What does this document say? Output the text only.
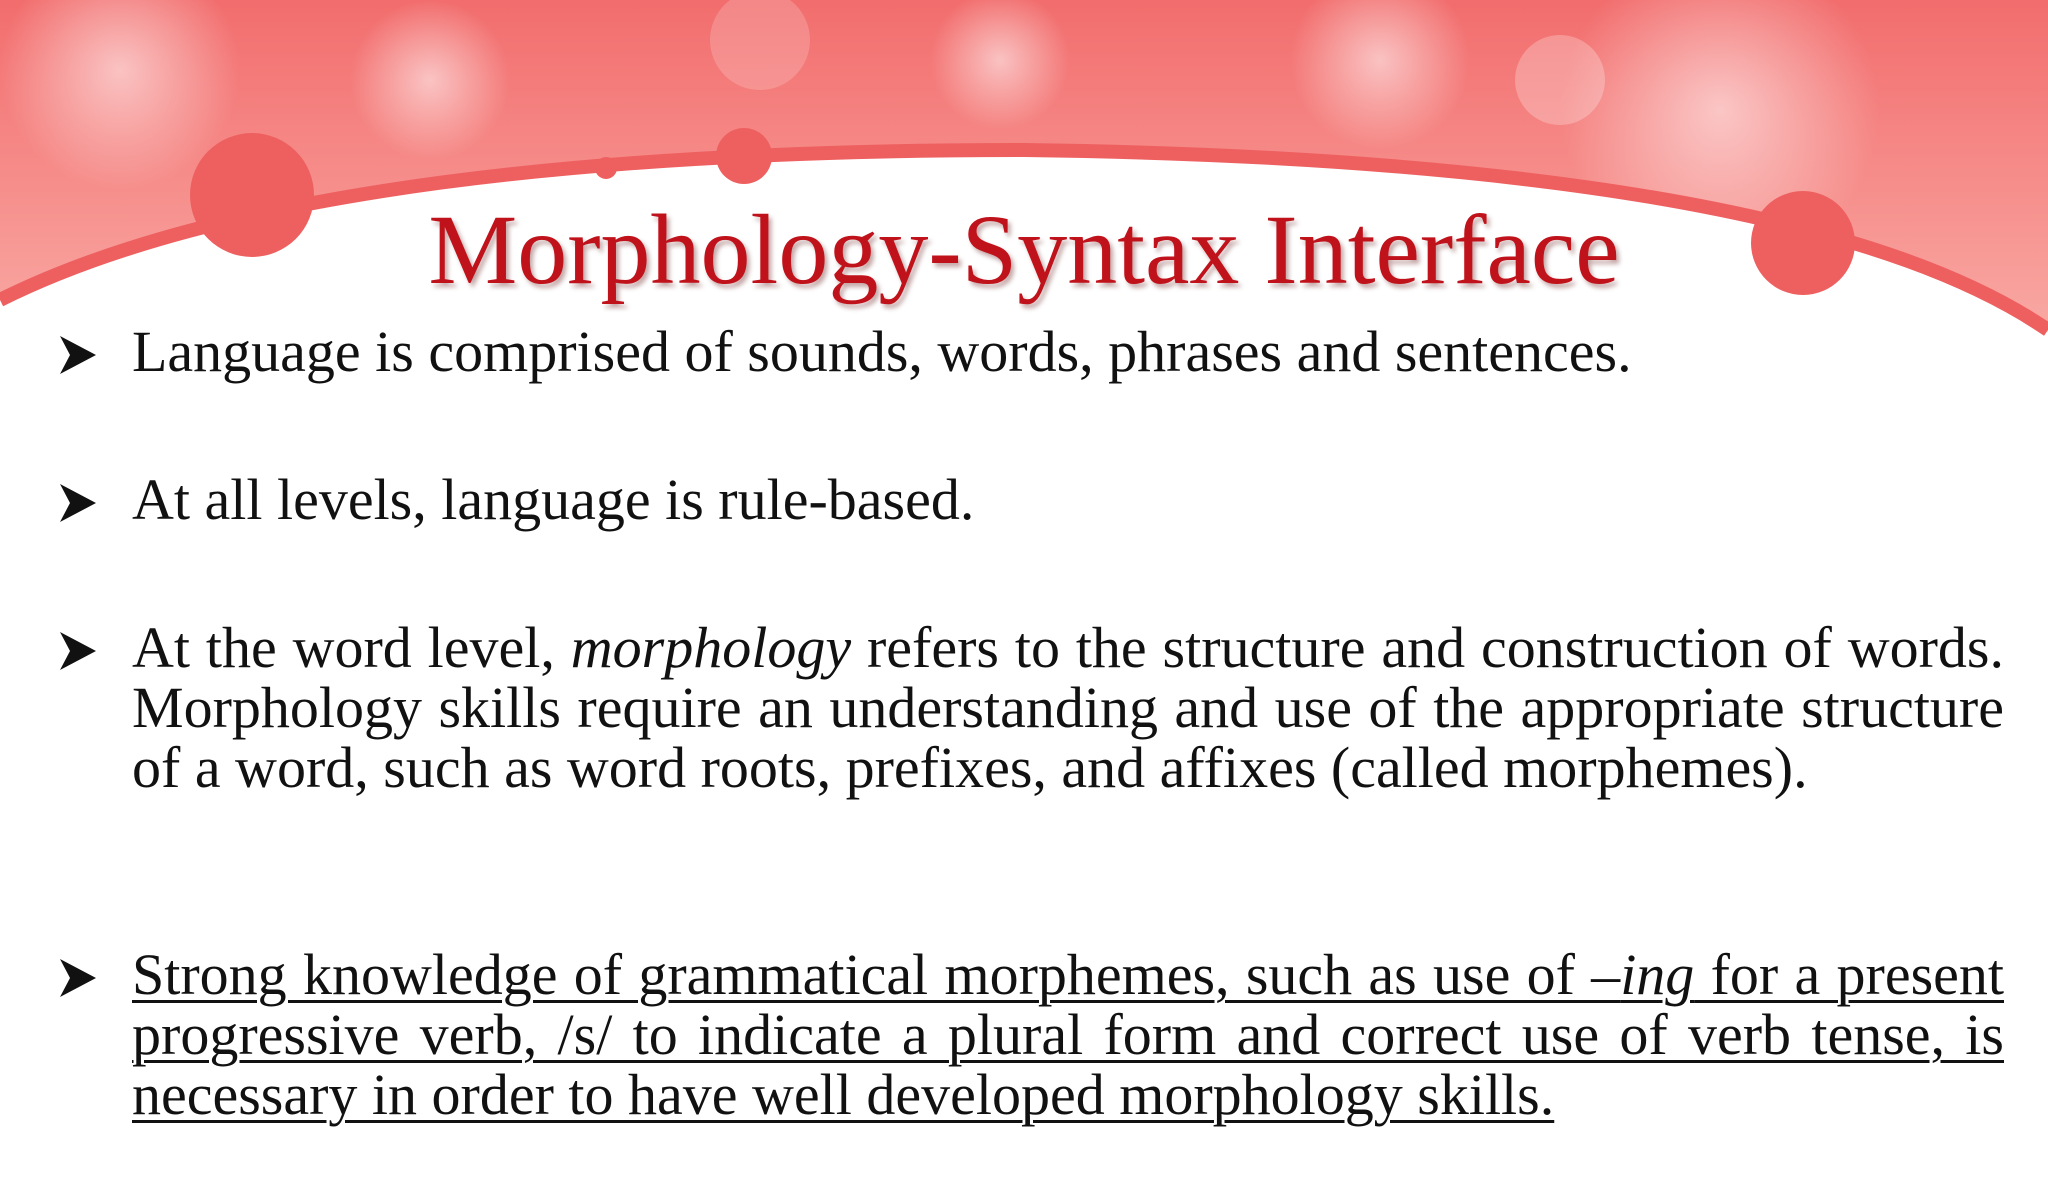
Morphology-Syntax Interface
Language is comprised of sounds, words, phrases and sentences.
At all levels, language is rule-based.
At the word level, morphology refers to the structure and construction of words. Morphology skills require an understanding and use of the appropriate structure of a word, such as word roots, prefixes, and affixes (called morphemes).
Strong knowledge of grammatical morphemes, such as use of –ing for a present progressive verb, /s/ to indicate a plural form and correct use of verb tense, is necessary in order to have well developed morphology skills.
